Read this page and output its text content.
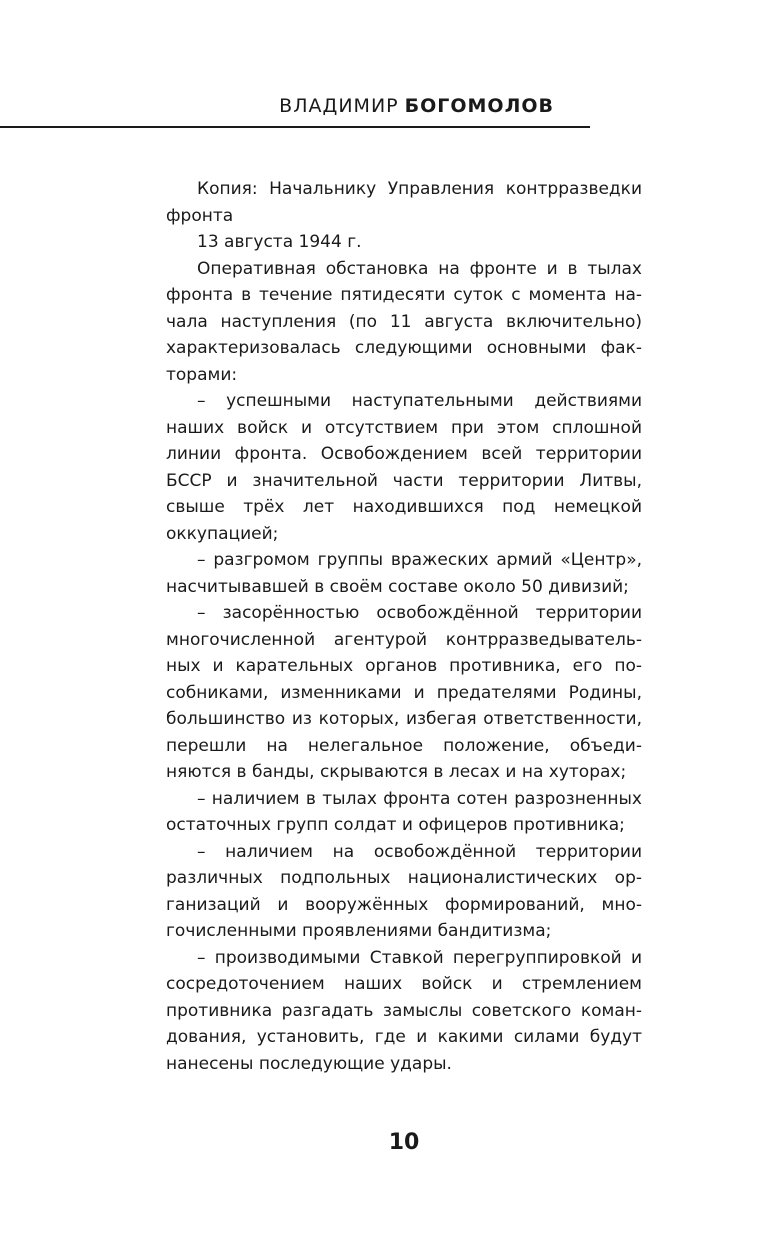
ВЛАДИМИР БОГОМОЛОВ

Копия: Начальнику Управления контрразведки фронта

13 августа 1944 г.

Оперативная обстановка на фронте и в тылах фронта в течение пятидесяти суток с момента начала наступления (по 11 августа включительно) характеризовалась следующими основными факторами:

– успешными наступательными действиями наших войск и отсутствием при этом сплошной линии фронта. Освобождением всей территории БССР и значительной части территории Литвы, свыше трёх лет находившихся под немецкой оккупацией;

– разгромом группы вражеских армий «Центр», насчитывавшей в своём составе около 50 дивизий;

– засорённостью освобождённой территории многочисленной агентурой контрразведывательных и карательных органов противника, его пособниками, изменниками и предателями Родины, большинство из которых, избегая ответственности, перешли на нелегальное положение, объединяются в банды, скрываются в лесах и на хуторах;

– наличием в тылах фронта сотен разрозненных остаточных групп солдат и офицеров противника;

– наличием на освобождённой территории различных подпольных националистических организаций и вооружённых формирований, многочисленными проявлениями бандитизма;

– производимыми Ставкой перегруппировкой и сосредоточением наших войск и стремлением противника разгадать замыслы советского командования, установить, где и какими силами будут нанесены последующие удары.

10
